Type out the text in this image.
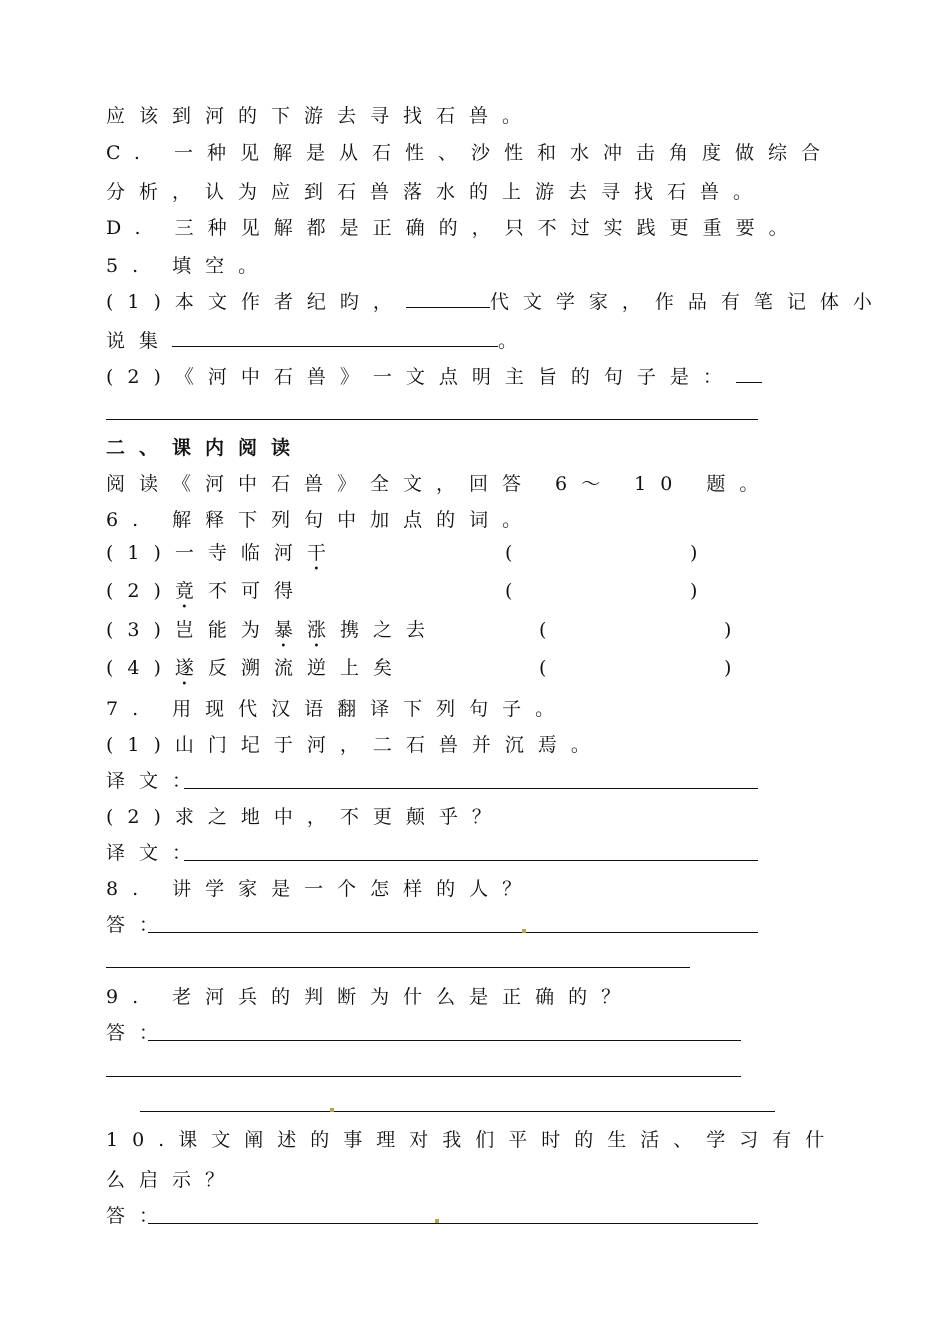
应该到河的下游去寻找石兽。
C. 一种见解是从石性、沙性和水冲击角度做综合
分析，认为应到石兽落水的上游去寻找石兽。
D. 三种见解都是正确的，只不过实践更重要。
5. 填空。
(1)本文作者纪昀，	代文学家，作品有笔记体小
说集	。
(2)《河中石兽》一文点明主旨的句子是：
二、课内阅读
阅读《河中石兽》全文，回答 6～ 10 题。
6. 解释下列句中加点的词。
(1)一寺临河干	(	)
(2)竟不可得	(	)
(3)岂能为暴涨携之去	(	)
(4)遂反溯流逆上矣	(	)
7. 用现代汉语翻译下列句子。
(1)山门圮于河，二石兽并沉焉。
译文：
(2)求之地中，不更颠乎？
译文：
8. 讲学家是一个怎样的人？
答：
9. 老河兵的判断为什么是正确的？
答：
10.课文阐述的事理对我们平时的生活、学习有什
么启示？
答：
